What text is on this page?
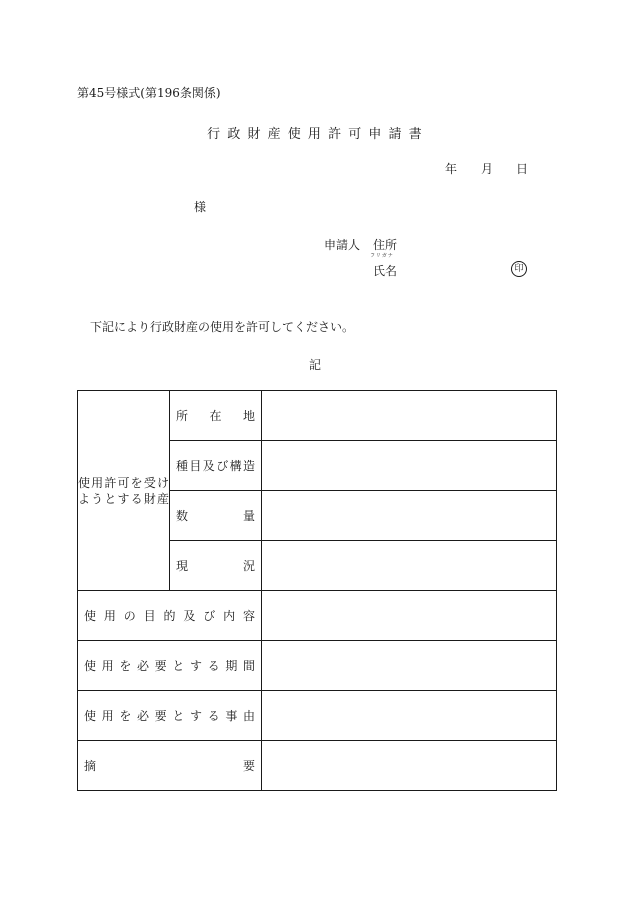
第45号様式(第196条関係)
行政財産使用許可申請書
年 月 日
様
申請人 住所
フリガナ
氏名	印
下記により行政財産の使用を許可してください。
記
使用許可を受けようとする財産	所在地	

	種目及び構造	

	数量	

	現況	

使用の目的及び内容		

使用を必要とする期間		

使用を必要とする事由		

摘要		
